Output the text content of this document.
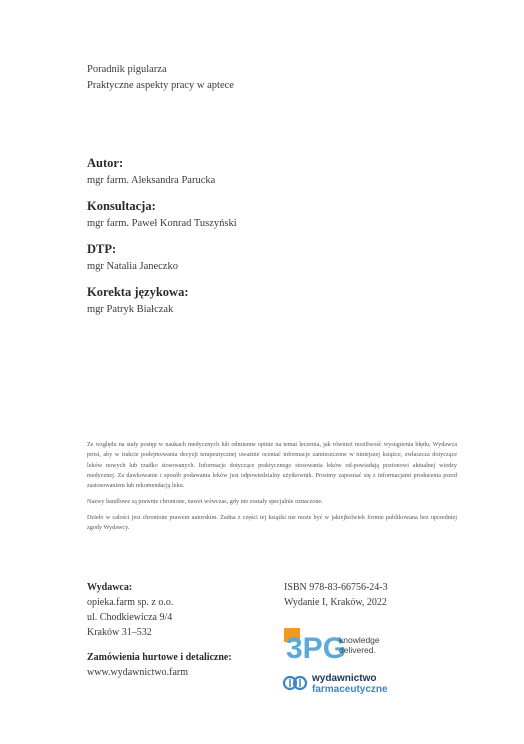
Poradnik pigularza
Praktyczne aspekty pracy w aptece
Autor:
mgr farm. Aleksandra Parucka
Konsultacja:
mgr farm. Paweł Konrad Tuszyński
DTP:
mgr Natalia Janeczko
Korekta językowa:
mgr Patryk Białczak

Ze względu na stały postęp w naukach medycznych lub odmienne opinie na temat leczenia, jak również możliwość wystąpienia błędu, Wydawca prosi, aby w trakcie podejmowania decyzji terapeutycznej uważnie oceniać informacje zamieszczone w niniejszej książce, zwłaszcza dotyczące leków nowych lub rzadko stosowanych. Informacje dotyczące praktycznego stosowania leków od-powiadają pozionowi aktualnej wiedzy medycznej. Za dawkowanie i sposób podawania leków jest odpowiedzialny użytkownik. Prosimy zapoznać się z informacjami producenta przed zastosowaniem lub rekomendacją leku.

Nazwy handlowe są prawnie chronione, nawet wówczas, gdy nie zostały specjalnie oznaczone.

Dzieło w całości jest chronione prawem autorskim. Żadna z części tej książki nie może być w jakiejkolwiek formie publikowana bez uprzedniej zgody Wydawcy.

Wydawca:
opieka.farm sp. z o.o.
ul. Chodkiewicza 9/4
Kraków 31–532
Zamówienia hurtowe i detaliczne:
www.wydawnictwo.farm
ISBN 978-83-66756-24-3
Wydanie I, Kraków, 2022
3PG
knowledge
delivered.
wydawnictwo
farmaceutyczne
